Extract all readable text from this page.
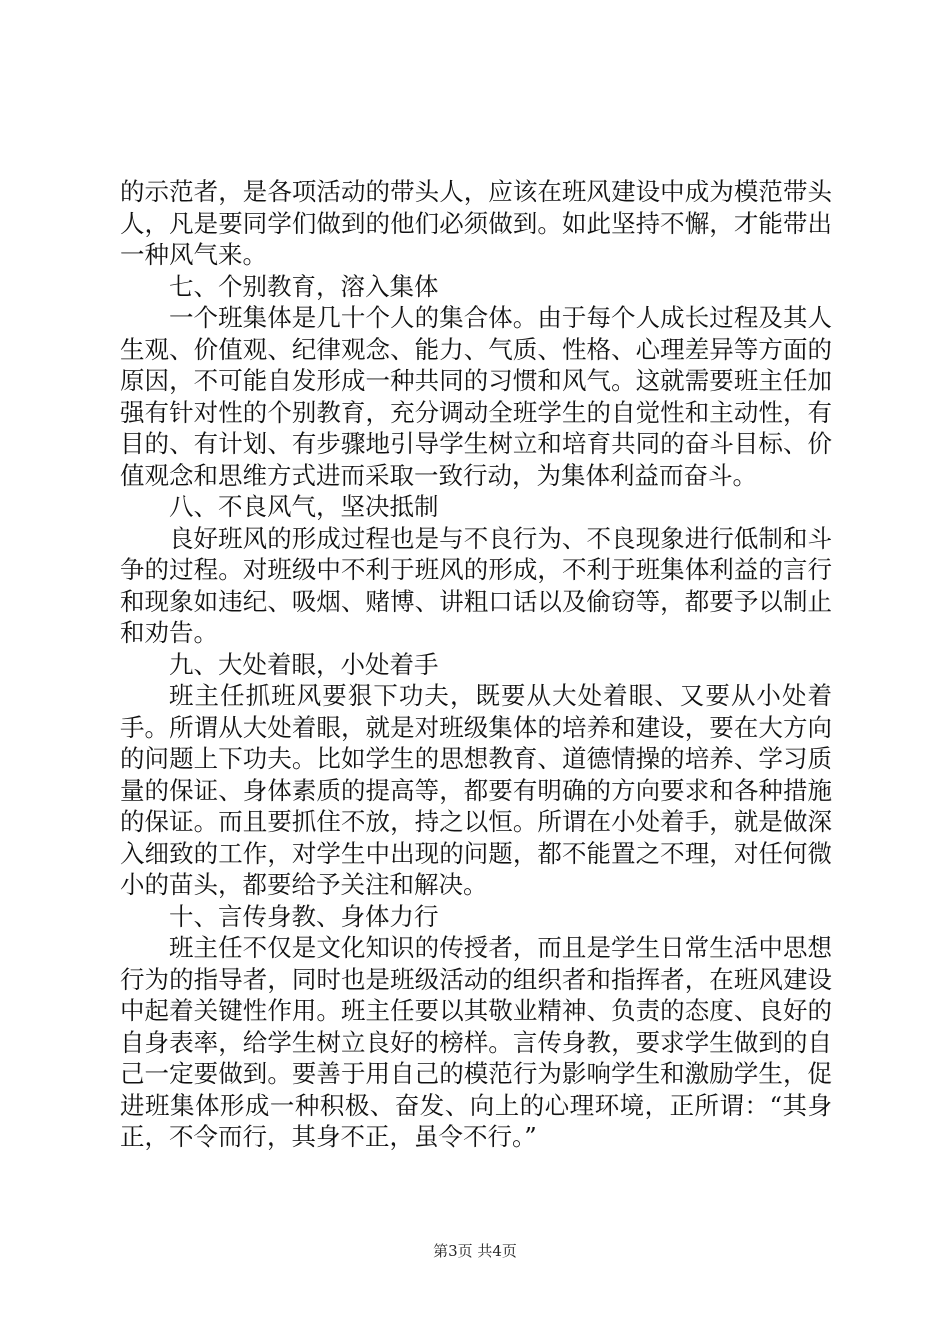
的示范者，是各项活动的带头人，应该在班风建设中成为模范带头人，凡是要同学们做到的他们必须做到。如此坚持不懈，才能带出一种风气来。

七、个别教育，溶入集体

一个班集体是几十个人的集合体。由于每个人成长过程及其人生观、价值观、纪律观念、能力、气质、性格、心理差异等方面的原因，不可能自发形成一种共同的习惯和风气。这就需要班主任加强有针对性的个别教育，充分调动全班学生的自觉性和主动性，有目的、有计划、有步骤地引导学生树立和培育共同的奋斗目标、价值观念和思维方式进而采取一致行动，为集体利益而奋斗。

八、不良风气，坚决抵制

良好班风的形成过程也是与不良行为、不良现象进行低制和斗争的过程。对班级中不利于班风的形成，不利于班集体利益的言行和现象如违纪、吸烟、赌博、讲粗口话以及偷窃等，都要予以制止和劝告。

九、大处着眼，小处着手

班主任抓班风要狠下功夫，既要从大处着眼、又要从小处着手。所谓从大处着眼，就是对班级集体的培养和建设，要在大方向的问题上下功夫。比如学生的思想教育、道德情操的培养、学习质量的保证、身体素质的提高等，都要有明确的方向要求和各种措施的保证。而且要抓住不放，持之以恒。所谓在小处着手，就是做深入细致的工作，对学生中出现的问题，都不能置之不理，对任何微小的苗头，都要给予关注和解决。

十、言传身教、身体力行

班主任不仅是文化知识的传授者，而且是学生日常生活中思想行为的指导者，同时也是班级活动的组织者和指挥者，在班风建设中起着关键性作用。班主任要以其敬业精神、负责的态度、良好的自身表率，给学生树立良好的榜样。言传身教，要求学生做到的自己一定要做到。要善于用自己的模范行为影响学生和激励学生，促进班集体形成一种积极、奋发、向上的心理环境，正所谓：“其身正，不令而行，其身不正，虽令不行。”

第3页 共4页
